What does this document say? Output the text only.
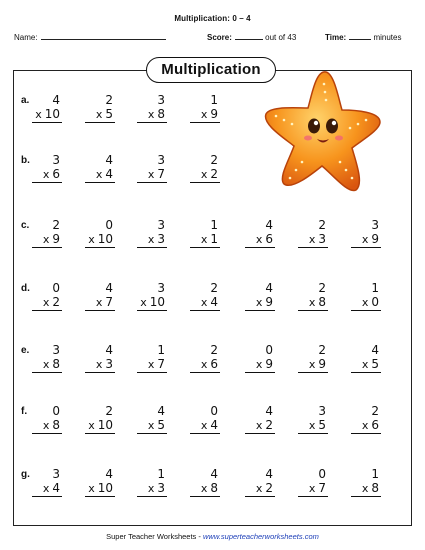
Multiplication: 0 – 4
Name:	Score:	out of 43	Time:	minutes
Multiplication
a. 4
x 10
2
x 5
3
x 8
1
x 9
b. 3
x 6
4
x 4
3
x 7
2
x 2
c. 2
x 9
0
x 10
3
x 3
1
x 1
4
x 6
2
x 3
3
x 9
d. 0
x 2
4
x 7
3
x 10
2
x 4
4
x 9
2
x 8
1
x 0
e. 3
x 8
4
x 3
1
x 7
2
x 6
0
x 9
2
x 9
4
x 5
f. 0
x 8
2
x 10
4
x 5
0
x 4
4
x 2
3
x 5
2
x 6
g. 3
x 4
4
x 10
1
x 3
4
x 8
4
x 2
0
x 7
1
x 8
Super Teacher Worksheets - www.superteacherworksheets.com
